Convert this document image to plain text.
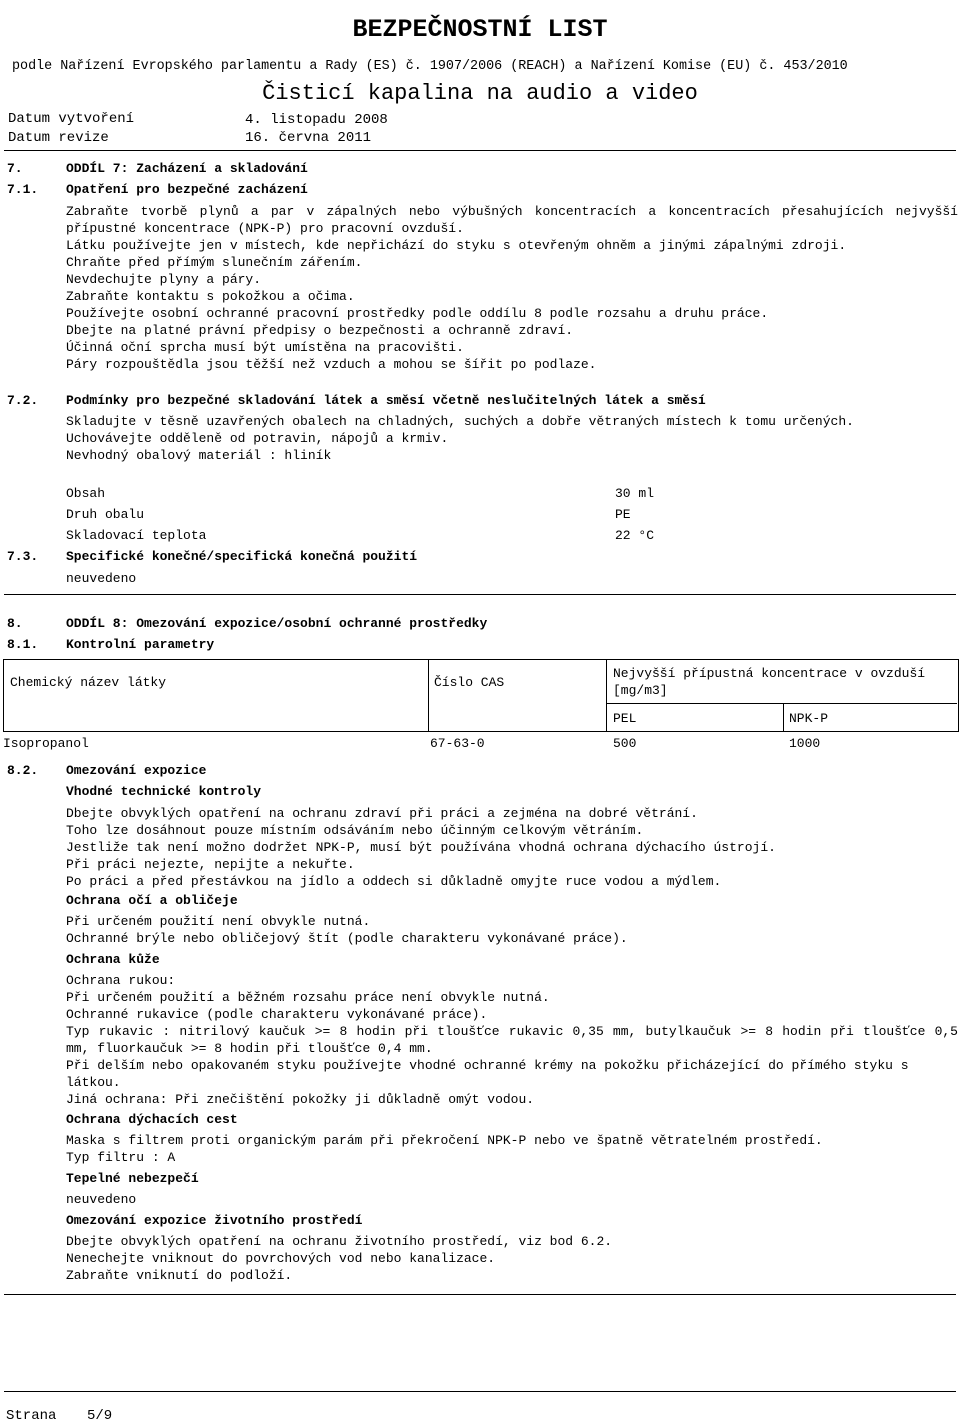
BEZPEČNOSTNÍ LIST
podle Nařízení Evropského parlamentu a Rady (ES) č. 1907/2006 (REACH) a Nařízení Komise (EU) č. 453/2010
Čisticí kapalina na audio a video
Datum vytvoření	4. listopadu 2008
Datum revize	16. června 2011
7.	ODDÍL 7: Zacházení a skladování
7.1. Opatření pro bezpečné zacházení
Zabraňte tvorbě plynů a par v zápalných nebo výbušných koncentracích a koncentracích přesahujících nejvyšší přípustné koncentrace (NPK-P) pro pracovní ovzduší.
Látku používejte jen v místech, kde nepřichází do styku s otevřeným ohněm a jinými zápalnými zdroji.
Chraňte před přímým slunečním zářením.
Nevdechujte plyny a páry.
Zabraňte kontaktu s pokožkou a očima.
Používejte osobní ochranné pracovní prostředky podle oddílu 8 podle rozsahu a druhu práce.
Dbejte na platné právní předpisy o bezpečnosti a ochranně zdraví.
Účinná oční sprcha musí být umístěna na pracovišti.
Páry rozpouštědla jsou těžší než vzduch a mohou se šířit po podlaze.
7.2. Podmínky pro bezpečné skladování látek a směsí včetně neslučitelných látek a směsí
Skladujte v těsně uzavřených obalech na chladných, suchých a dobře větraných místech k tomu určených.
Uchovávejte odděleně od potravin, nápojů a krmiv.
Nevhodný obalový materiál : hliník
Obsah	30 ml
Druh obalu	PE
Skladovací teplota	22 °C
7.3. Specifické konečné/specifická konečná použití
neuvedeno
8.	ODDÍL 8: Omezování expozice/osobní ochranné prostředky
8.1. Kontrolní parametry
Chemický název látky	Číslo CAS
Nejvyšší přípustná koncentrace v ovzduší [mg/m3]
PEL	NPK-P
Isopropanol	67-63-0	500	1000
8.2. Omezování expozice
Vhodné technické kontroly
Dbejte obvyklých opatření na ochranu zdraví při práci a zejména na dobré větrání.
Toho lze dosáhnout pouze místním odsáváním nebo účinným celkovým větráním.
Jestliže tak není možno dodržet NPK-P, musí být používána vhodná ochrana dýchacího ústrojí.
Při práci nejezte, nepijte a nekuřte.
Po práci a před přestávkou na jídlo a oddech si důkladně omyjte ruce vodou a mýdlem.
Ochrana očí a obličeje
Při určeném použití není obvykle nutná.
Ochranné brýle nebo obličejový štít (podle charakteru vykonávané práce).
Ochrana kůže
Ochrana rukou:
Při určeném použití a běžném rozsahu práce není obvykle nutná.
Ochranné rukavice (podle charakteru vykonávané práce).
Typ rukavic : nitrilový kaučuk >= 8 hodin při tloušťce rukavic 0,35 mm, butylkaučuk >= 8 hodin při tloušťce 0,5 mm, fluorkaučuk >= 8 hodin při tloušťce 0,4 mm.
Při delším nebo opakovaném styku používejte vhodné ochranné krémy na pokožku přicházející do přímého styku s látkou.
Jiná ochrana: Při znečištění pokožky ji důkladně omýt vodou.
Ochrana dýchacích cest
Maska s filtrem proti organickým parám při překročení NPK-P nebo ve špatně větratelném prostředí.
Typ filtru : A
Tepelné nebezpečí
neuvedeno
Omezování expozice životního prostředí
Dbejte obvyklých opatření na ochranu životního prostředí, viz bod 6.2.
Nenechejte vniknout do povrchových vod nebo kanalizace.
Zabraňte vniknutí do podloží.
Strana 5/9
